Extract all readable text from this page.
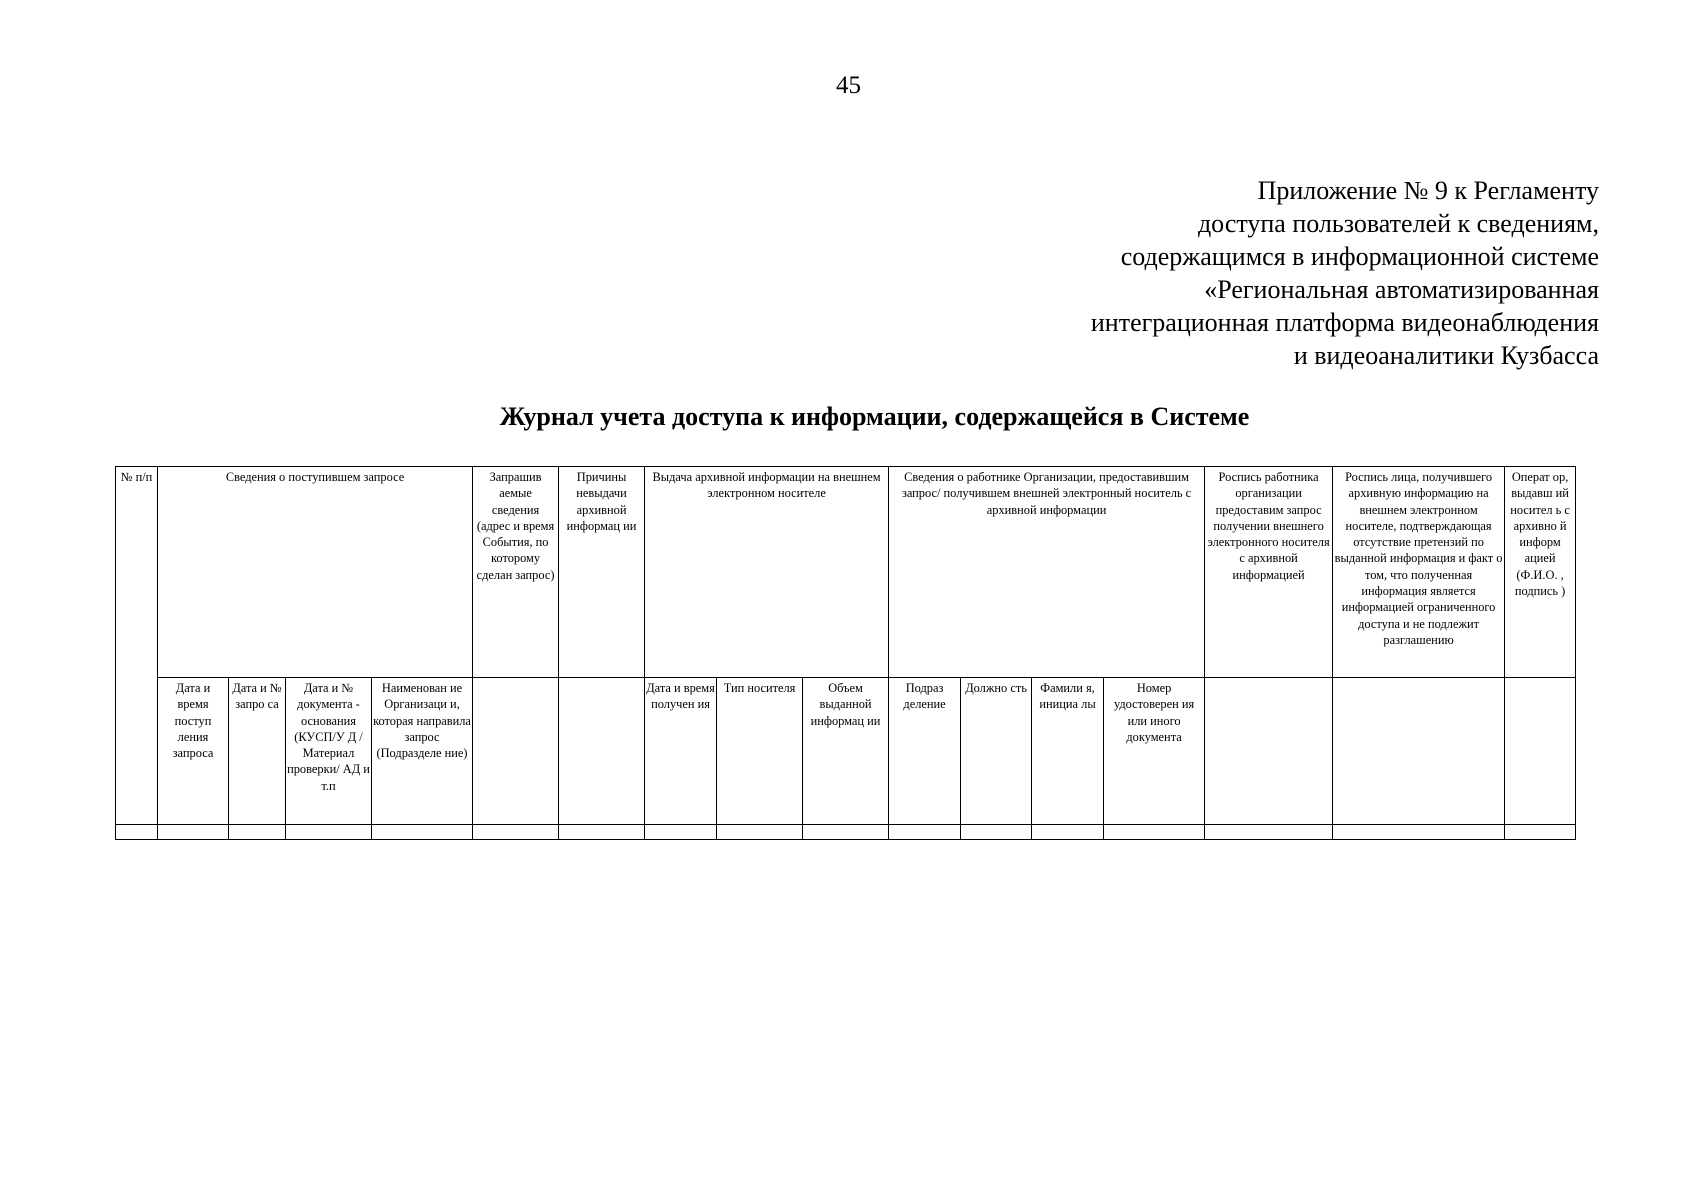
45
Приложение № 9 к Регламенту
доступа пользователей к сведениям,
содержащимся в информационной системе
«Региональная автоматизированная
интеграционная платформа видеонаблюдения
и видеоаналитики Кузбасса
Журнал учета доступа к информации, содержащейся в Системе
№ п/п	Сведения о поступившем запросе				Запрашив аемые сведения (адрес и время События, по которому сделан запрос)	Причины невыдачи архивной информац ии	Выдача архивной информации на внешнем электронном носителе			Сведения о работнике Организации, предоставившим запрос/ получившем внешней электронный носитель с архивной информации				Роспись работника организации предоставим запрос получении внешнего электронного носителя с архивной информацией	Роспись лица, получившего архивную информацию на внешнем электронном носителе, подтверждающая отсутствие претензий по выданной информация и факт о том, что полученная информация является информацией ограниченного доступа и не подлежит разглашению	Операт ор, выдавш ий носител ь с архивно й информ ацией (Ф.И.О. , подпись )
	Дата и время поступ ления запроса	Дата и № запро са	Дата и № документа - основания (КУСП/У Д /Материал проверки/ АД и т.п	Наименован ие Организаци и, которая направила запрос (Подразделе ние)			Дата и время получен ия	Тип носителя	Объем выданной информац ии	Подраз деление	Должно сть	Фамили я, инициа лы	Номер удостоверен ия или иного документа			
